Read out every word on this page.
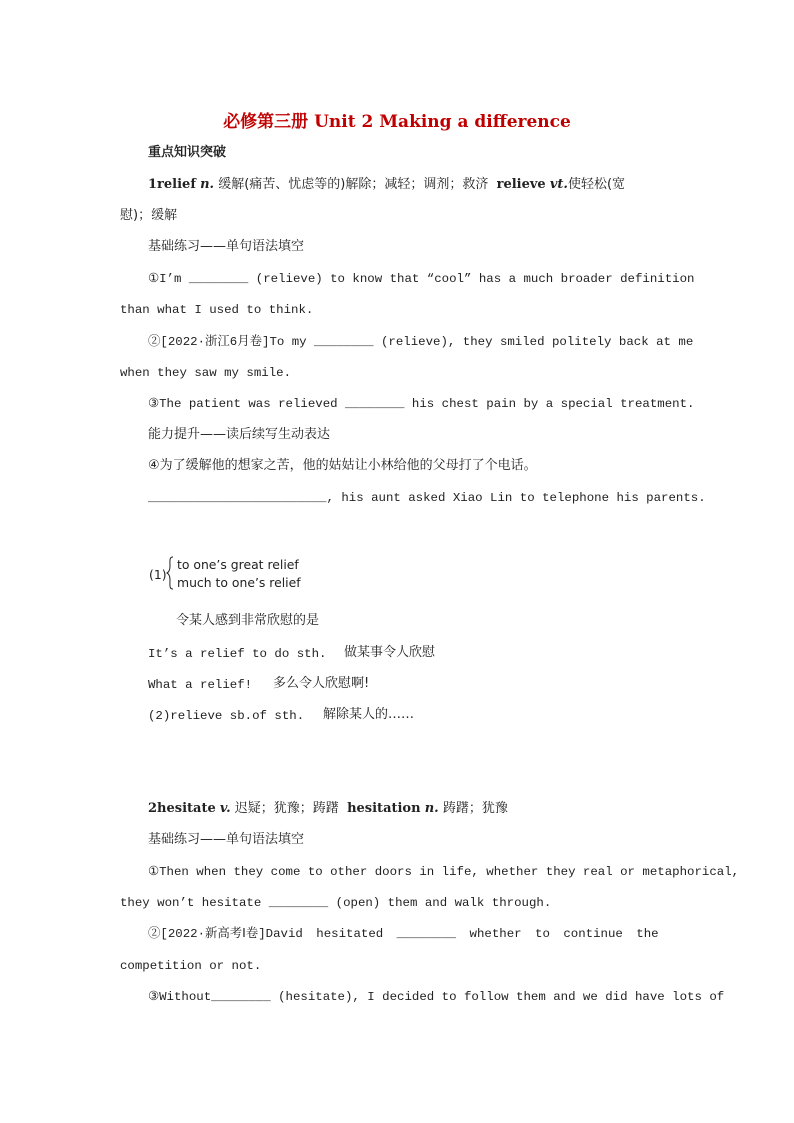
必修第三册 Unit 2 Making a difference
重点知识突破
1relief n. 缓解(痛苦、忧虑等的)解除；减轻；调剂；救济 relieve vt.使轻松(宽
慰)；缓解
基础练习——单句语法填空
①I’m ________ (relieve) to know that “cool” has a much broader definition
than what I used to think.
②[2022·浙江6月卷]To my ________ (relieve), they smiled politely back at me
when they saw my smile.
③The patient was relieved ________ his chest pain by a special treatment.
能力提升——读后续写生动表达
④为了缓解他的想家之苦，他的姑姑让小林给他的父母打了个电话。
________________________, his aunt asked Xiao Lin to telephone his parents.
(1)
to one’s great relief
much to one’s relief
令某人感到非常欣慰的是
It’s a relief to do sth. 做某事令人欣慰
What a relief! 多么令人欣慰啊!
(2)relieve sb.of sth. 解除某人的……
2hesitate v. 迟疑；犹豫；踌躇 hesitation n. 踌躇；犹豫
基础练习——单句语法填空
①Then when they come to other doors in life, whether they real or metaphorical,
they won’t hesitate ________ (open) them and walk through.
②[2022·新高考Ⅰ卷]David hesitated ________ whether to continue the
competition or not.
③Without________ (hesitate), I decided to follow them and we did have lots of
